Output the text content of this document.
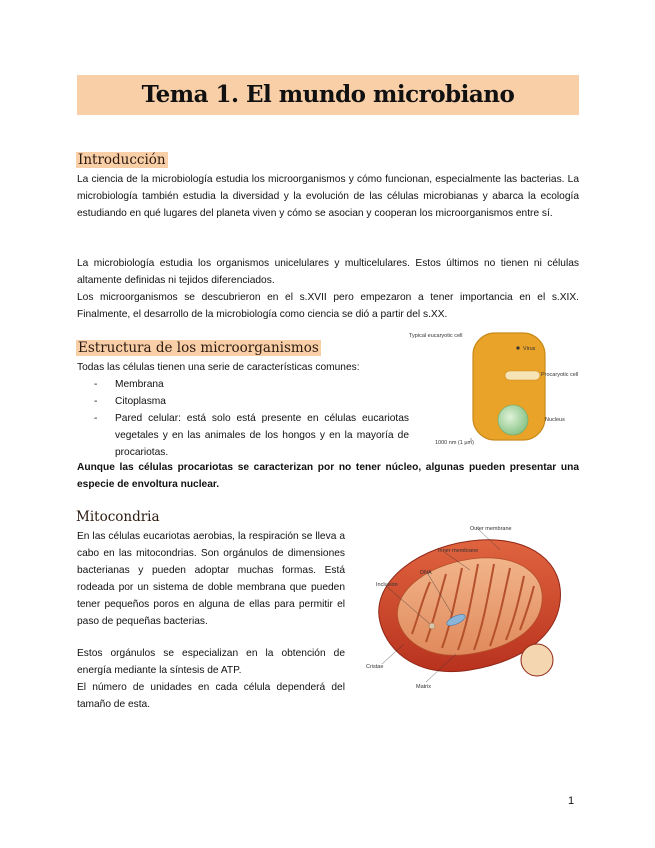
Tema 1. El mundo microbiano
Introducción

La ciencia de la microbiología estudia los microorganismos y cómo funcionan, especialmente las bacterias. La microbiología también estudia la diversidad y la evolución de las células microbianas y abarca la ecología estudiando en qué lugares del planeta viven y cómo se asocian y cooperan los microorganismos entre sí.

La microbiología estudia los organismos unicelulares y multicelulares. Estos últimos no tienen ni células altamente definidas ni tejidos diferenciados.

Los microorganismos se descubrieron en el s.XVII pero empezaron a tener importancia en el s.XIX. Finalmente, el desarrollo de la microbiología como ciencia se dió a partir del s.XX.

Estructura de los microorganismos

Todas las células tienen una serie de características comunes:

- Membrana
- Citoplasma
- Pared celular: está solo está presente en células eucariotas vegetales y en las animales de los hongos y en la mayoría de procariotas.

Aunque las células procariotas se caracterizan por no tener núcleo, algunas pueden presentar una especie de envoltura nuclear.

Typical eucaryotic cell
Virus
Procaryotic cell
Nucleus
1000 nm (1 μm)
Mitocondria

En las células eucariotas aerobias, la respiración se lleva a cabo en las mitocondrias. Son orgánulos de dimensiones bacterianas y pueden adoptar muchas formas. Está rodeada por un sistema de doble membrana que pueden tener pequeños poros en alguna de ellas para permitir el paso de pequeñas bacterias.

Estos orgánulos se especializan en la obtención de energía mediante la síntesis de ATP.

El número de unidades en cada célula dependerá del tamaño de esta.

Outer membrane
Inner membrane
DNA
Inclusion
Cristae
Matrix
1
